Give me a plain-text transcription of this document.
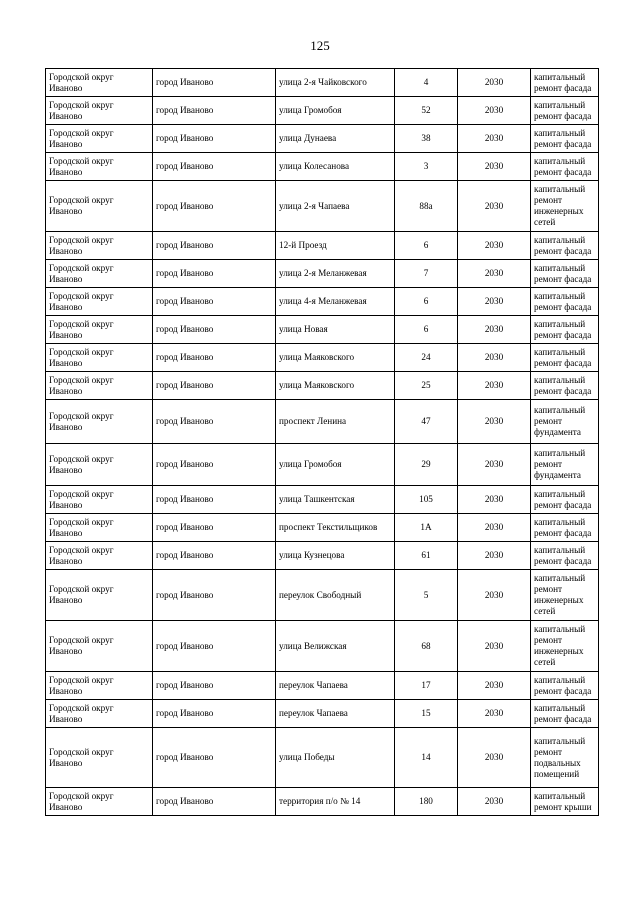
125
Городской округ Иваново	город Иваново	улица 2-я Чайковского	4	2030	капитальный ремонт фасада
Городской округ Иваново	город Иваново	улица Громобоя	52	2030	капитальный ремонт фасада
Городской округ Иваново	город Иваново	улица Дунаева	38	2030	капитальный ремонт фасада
Городской округ Иваново	город Иваново	улица Колесанова	3	2030	капитальный ремонт фасада
Городской округ Иваново	город Иваново	улица 2-я Чапаева	88а	2030	капитальный ремонт инженерных сетей
Городской округ Иваново	город Иваново	12-й Проезд	6	2030	капитальный ремонт фасада
Городской округ Иваново	город Иваново	улица 2-я Меланжевая	7	2030	капитальный ремонт фасада
Городской округ Иваново	город Иваново	улица 4-я Меланжевая	6	2030	капитальный ремонт фасада
Городской округ Иваново	город Иваново	улица Новая	6	2030	капитальный ремонт фасада
Городской округ Иваново	город Иваново	улица Маяковского	24	2030	капитальный ремонт фасада
Городской округ Иваново	город Иваново	улица Маяковского	25	2030	капитальный ремонт фасада
Городской округ Иваново	город Иваново	проспект Ленина	47	2030	капитальный ремонт фундамента
Городской округ Иваново	город Иваново	улица Громобоя	29	2030	капитальный ремонт фундамента
Городской округ Иваново	город Иваново	улица Ташкентская	105	2030	капитальный ремонт фасада
Городской округ Иваново	город Иваново	проспект Текстильщиков	1А	2030	капитальный ремонт фасада
Городской округ Иваново	город Иваново	улица Кузнецова	61	2030	капитальный ремонт фасада
Городской округ Иваново	город Иваново	переулок Свободный	5	2030	капитальный ремонт инженерных сетей
Городской округ Иваново	город Иваново	улица Велижская	68	2030	капитальный ремонт инженерных сетей
Городской округ Иваново	город Иваново	переулок Чапаева	17	2030	капитальный ремонт фасада
Городской округ Иваново	город Иваново	переулок Чапаева	15	2030	капитальный ремонт фасада
Городской округ Иваново	город Иваново	улица Победы	14	2030	капитальный ремонт подвальных помещений
Городской округ Иваново	город Иваново	территория п/о № 14	180	2030	капитальный ремонт крыши
